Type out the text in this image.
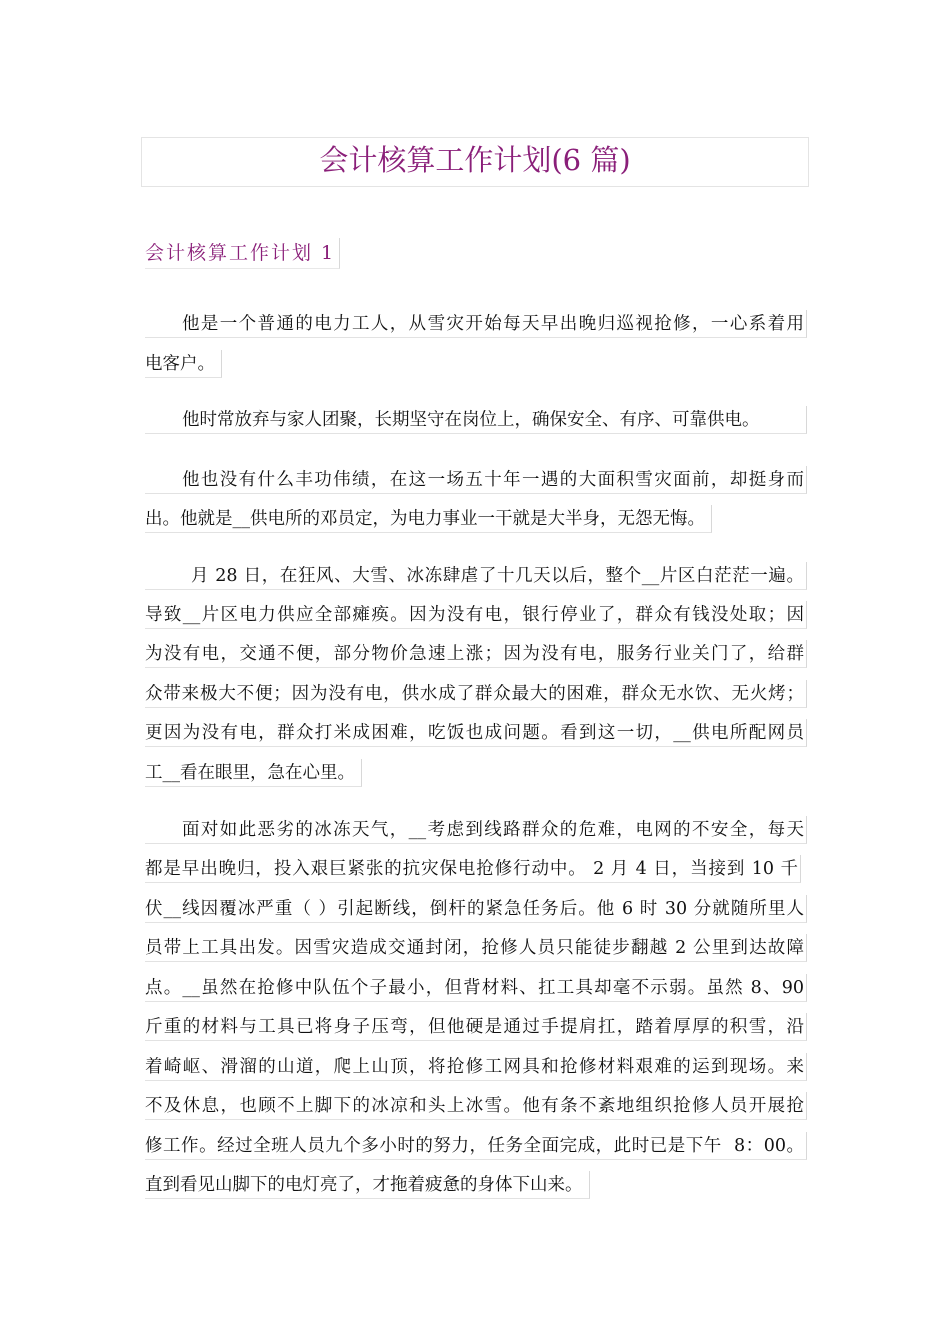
会计核算工作计划(6 篇)
会计核算工作计划 1
他是一个普通的电力工人，从雪灾开始每天早出晚归巡视抢修，一心系着用
电客户。
他时常放弃与家人团聚，长期坚守在岗位上，确保安全、有序、可靠供电。
他也没有什么丰功伟绩，在这一场五十年一遇的大面积雪灾面前，却挺身而
出。他就是__供电所的邓员定，为电力事业一干就是大半身，无怨无悔。
月 28 日，在狂风、大雪、冰冻肆虐了十几天以后，整个__片区白茫茫一遍。
导致__片区电力供应全部瘫痪。因为没有电，银行停业了，群众有钱没处取；因
为没有电，交通不便，部分物价急速上涨；因为没有电，服务行业关门了，给群
众带来极大不便；因为没有电，供水成了群众最大的困难，群众无水饮、无火烤；
更因为没有电，群众打米成困难，吃饭也成问题。看到这一切，__供电所配网员
工__看在眼里，急在心里。
面对如此恶劣的冰冻天气，__考虑到线路群众的危难，电网的不安全，每天
都是早出晚归，投入艰巨紧张的抗灾保电抢修行动中。 2 月 4 日，当接到 10 千
伏__线因覆冰严重（ ）引起断线，倒杆的紧急任务后。他 6 时 30 分就随所里人
员带上工具出发。因雪灾造成交通封闭，抢修人员只能徒步翻越 2 公里到达故障
点。__虽然在抢修中队伍个子最小，但背材料、扛工具却毫不示弱。虽然 8、90
斤重的材料与工具已将身子压弯，但他硬是通过手提肩扛，踏着厚厚的积雪，沿
着崎岖、滑溜的山道，爬上山顶，将抢修工网具和抢修材料艰难的运到现场。来
不及休息，也顾不上脚下的冰凉和头上冰雪。他有条不紊地组织抢修人员开展抢
修工作。经过全班人员九个多小时的努力，任务全面完成，此时已是下午  8：00。
直到看见山脚下的电灯亮了，才拖着疲惫的身体下山来。
